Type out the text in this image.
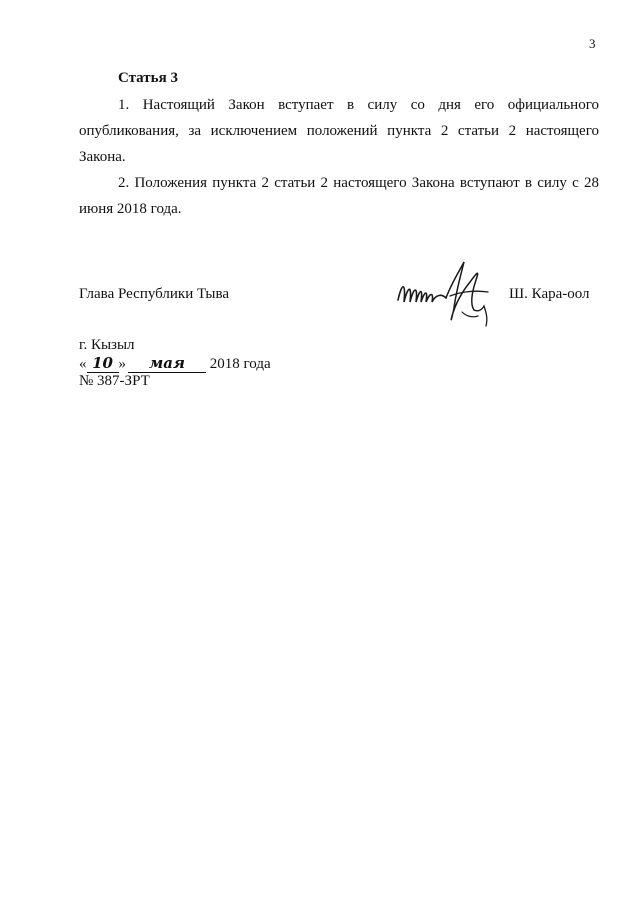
3
Статья 3
1. Настоящий Закон вступает в силу со дня его официального опубликования, за исключением положений пункта 2 статьи 2 настоящего Закона.
2. Положения пункта 2 статьи 2 настоящего Закона вступают в силу с 28 июня 2018 года.
Глава Республики Тыва	Ш. Кара-оол
г. Кызыл
« 10 » мая 2018 года
№ 387-ЗРТ
